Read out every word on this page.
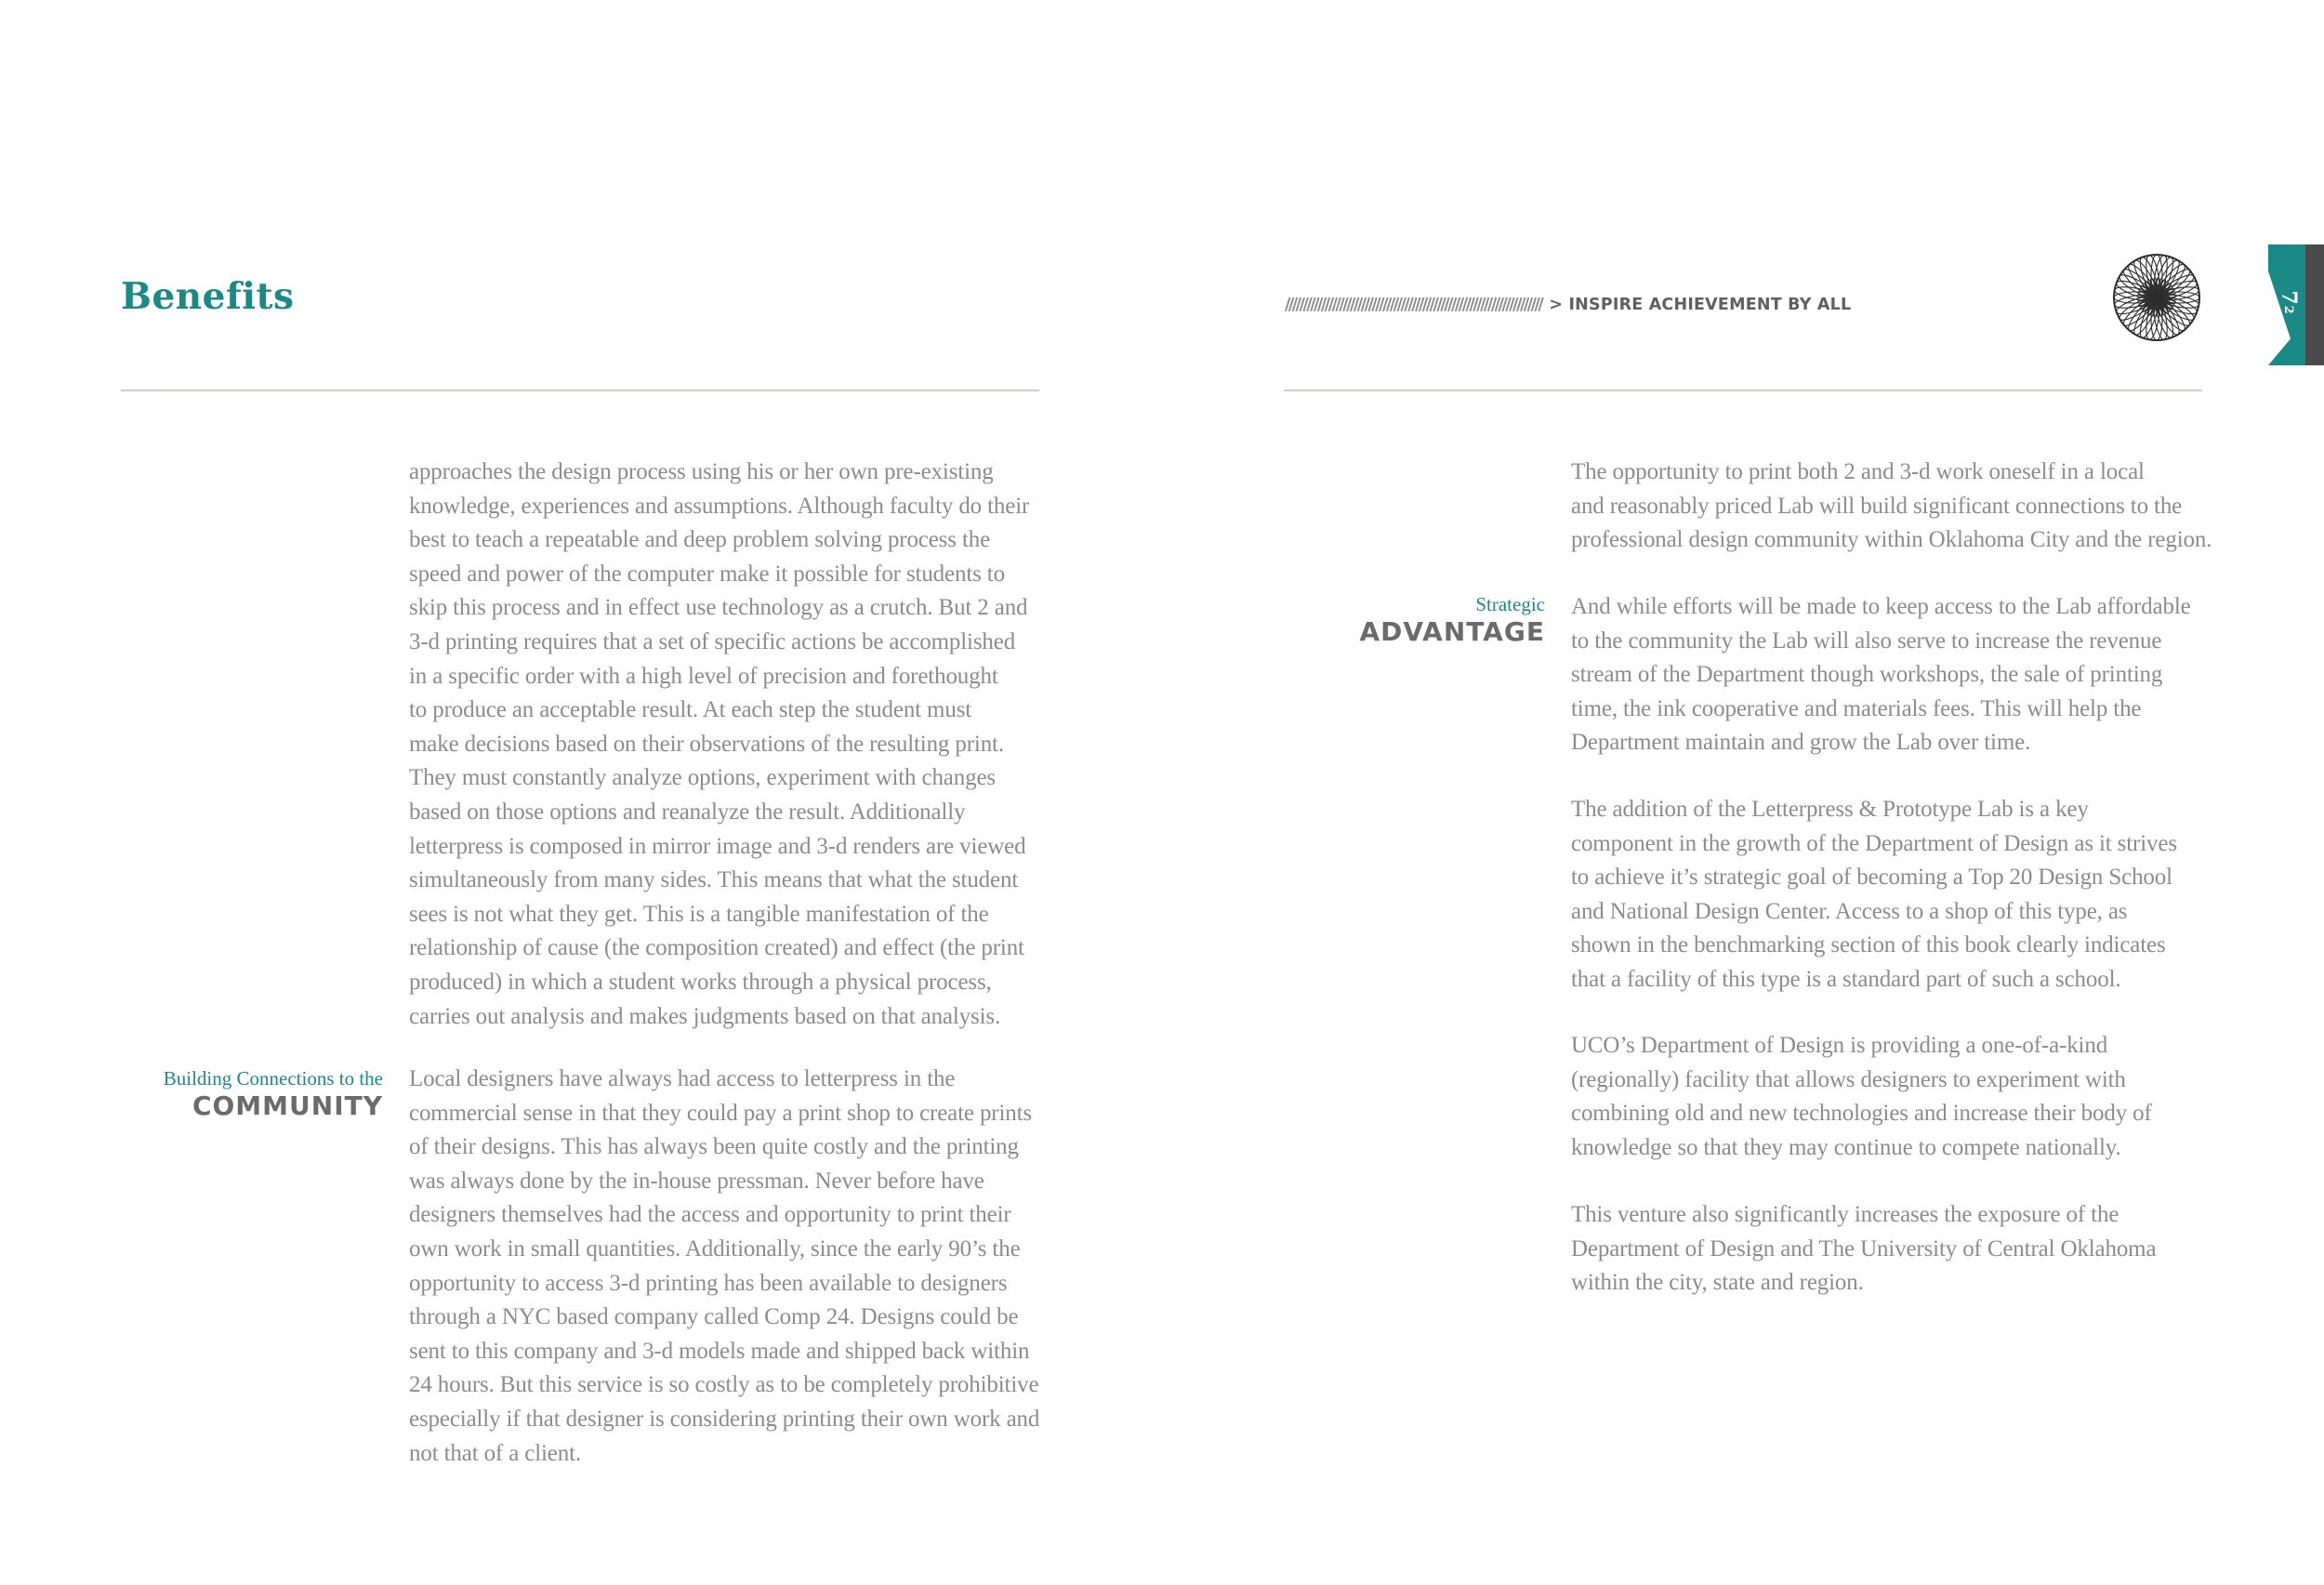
Benefits	/////////////////////////////////////////////////////////////////////// > INSPIRE ACHIEVEMENT BY ALL	7
2
approaches the design process using his or her own pre-existing
knowledge, experiences and assumptions. Although faculty do their
best to teach a repeatable and deep problem solving process the
speed and power of the computer make it possible for students to
skip this process and in effect use technology as a crutch. But 2 and
3-d printing requires that a set of specific actions be accomplished
in a specific order with a high level of precision and forethought
to produce an acceptable result. At each step the student must
make decisions based on their observations of the resulting print.
They must constantly analyze options, experiment with changes
based on those options and reanalyze the result. Additionally
letterpress is composed in mirror image and 3-d renders are viewed
simultaneously from many sides. This means that what the student
sees is not what they get. This is a tangible manifestation of the
relationship of cause (the composition created) and effect (the print
produced) in which a student works through a physical process,
carries out analysis and makes judgments based on that analysis.
Building Connections to the
COMMUNITY
Local designers have always had access to letterpress in the
commercial sense in that they could pay a print shop to create prints
of their designs. This has always been quite costly and the printing
was always done by the in-house pressman. Never before have
designers themselves had the access and opportunity to print their
own work in small quantities. Additionally, since the early 90’s the
opportunity to access 3-d printing has been available to designers
through a NYC based company called Comp 24. Designs could be
sent to this company and 3-d models made and shipped back within
24 hours. But this service is so costly as to be completely prohibitive
especially if that designer is considering printing their own work and
not that of a client.
The opportunity to print both 2 and 3-d work oneself in a local
and reasonably priced Lab will build significant connections to the
professional design community within Oklahoma City and the region.
Strategic
ADVANTAGE
And while efforts will be made to keep access to the Lab affordable
to the community the Lab will also serve to increase the revenue
stream of the Department though workshops, the sale of printing
time, the ink cooperative and materials fees. This will help the
Department maintain and grow the Lab over time.
The addition of the Letterpress & Prototype Lab is a key
component in the growth of the Department of Design as it strives
to achieve it’s strategic goal of becoming a Top 20 Design School
and National Design Center. Access to a shop of this type, as
shown in the benchmarking section of this book clearly indicates
that a facility of this type is a standard part of such a school.
UCO’s Department of Design is providing a one-of-a-kind
(regionally) facility that allows designers to experiment with
combining old and new technologies and increase their body of
knowledge so that they may continue to compete nationally.
This venture also significantly increases the exposure of the
Department of Design and The University of Central Oklahoma
within the city, state and region.
